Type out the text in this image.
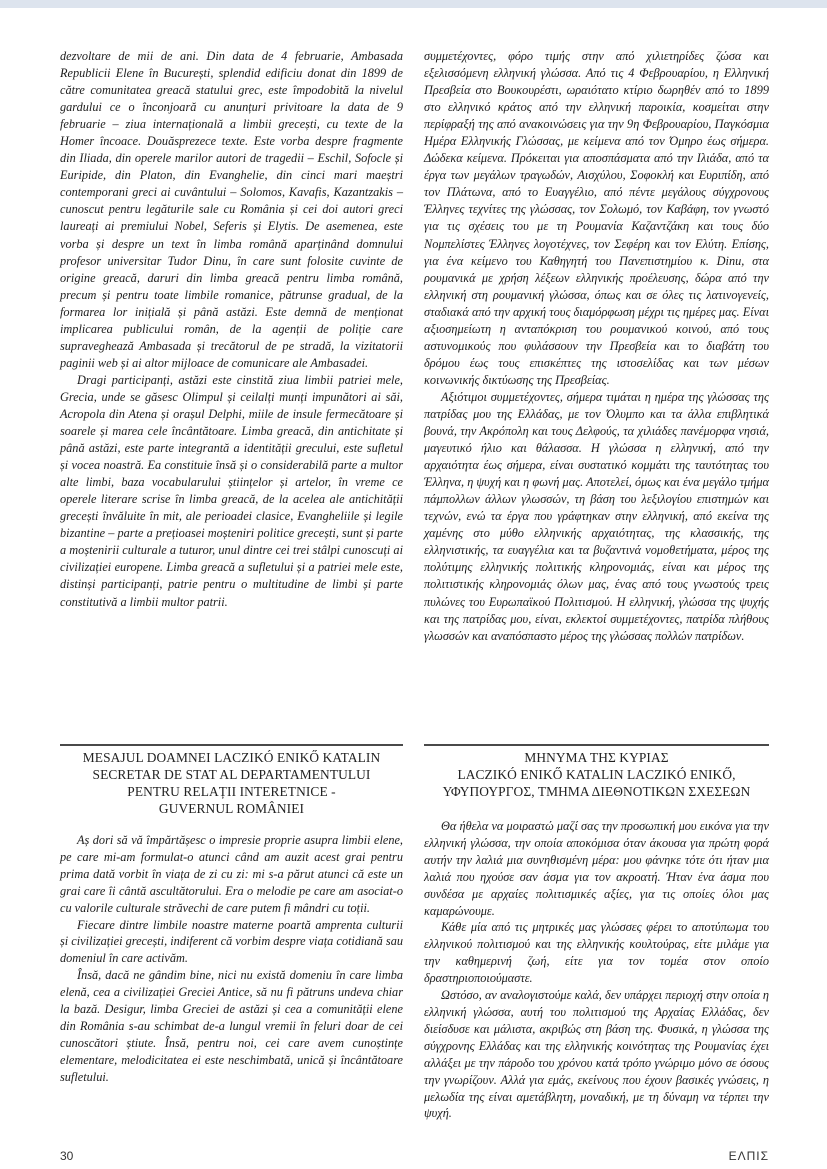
dezvoltare de mii de ani. Din data de 4 februarie, Ambasada Republicii Elene în București, splendid edificiu donat din 1899 de către comunitatea greacă statului grec, este împodobită la nivelul gardului ce o înconjoară cu anunțuri privitoare la data de 9 februarie – ziua internațională a limbii grecești, cu texte de la Homer încoace. Douăsprezece texte. Este vorba despre fragmente din Iliada, din operele marilor autori de tragedii – Eschil, Sofocle și Euripide, din Platon, din Evanghelie, din cinci mari maeștri contemporani greci ai cuvântului – Solomos, Kavafis, Kazantzakis – cunoscut pentru legăturile sale cu România și cei doi autori greci laureați ai premiului Nobel, Seferis și Elytis. De asemenea, este vorba și despre un text în limba română aparținând domnului profesor universitar Tudor Dinu, în care sunt folosite cuvinte de origine greacă, daruri din limba greacă pentru limba română, precum și pentru toate limbile romanice, pătrunse gradual, de la formarea lor inițială și până astăzi. Este demnă de menționat implicarea publicului român, de la agenții de poliție care supraveghează Ambasada și trecătorul de pe stradă, la vizitatorii paginii web și ai altor mijloace de comunicare ale Ambasadei.

Dragi participanți, astăzi este cinstită ziua limbii patriei mele, Grecia, unde se găsesc Olimpul și ceilalți munți impunători ai săi, Acropola din Atena și orașul Delphi, miile de insule fermecătoare și soarele și marea cele încântătoare. Limba greacă, din antichitate și până astăzi, este parte integrantă a identității grecului, este sufletul și vocea noastră. Ea constituie însă și o considerabilă parte a multor alte limbi, baza vocabularului științelor și artelor, în vreme ce operele literare scrise în limba greacă, de la acelea ale antichității grecești învăluite în mit, ale perioadei clasice, Evangheliile și legile bizantine – parte a prețioasei moșteniri politice grecești, sunt și parte a moștenirii culturale a tuturor, unul dintre cei trei stâlpi cunoscuți ai civilizației europene. Limba greacă a sufletului și a patriei mele este, distinși participanți, patrie pentru o multitudine de limbi și parte constitutivă a limbii multor patrii.

συμμετέχοντες, φόρο τιμής στην από χιλιετηρίδες ζώσα και εξελισσόμενη ελληνική γλώσσα. Από τις 4 Φεβρουαρίου, η Ελληνική Πρεσβεία στο Βουκουρέστι, ωραιότατο κτίριο δωρηθέν από το 1899 στο ελληνικό κράτος από την ελληνική παροικία, κοσμείται στην περίφραξή της από ανακοινώσεις για την 9η Φεβρουαρίου, Παγκόσμια Ημέρα Ελληνικής Γλώσσας, με κείμενα από τον Όμηρο έως σήμερα. Δώδεκα κείμενα. Πρόκειται για αποσπάσματα από την Ιλιάδα, από τα έργα των μεγάλων τραγωδών, Αισχύλου, Σοφοκλή και Ευριπίδη, από τον Πλάτωνα, από το Ευαγγέλιο, από πέντε μεγάλους σύγχρονους Έλληνες τεχνίτες της γλώσσας, τον Σολωμό, τον Καβάφη, τον γνωστό για τις σχέσεις του με τη Ρουμανία Καζαντζάκη και τους δύο Νομπελίστες Έλληνες λογοτέχνες, τον Σεφέρη και τον Ελύτη. Επίσης, για ένα κείμενο του Καθηγητή του Πανεπιστημίου κ. Dinu, στα ρουμανικά με χρήση λέξεων ελληνικής προέλευσης, δώρα από την ελληνική στη ρουμανική γλώσσα, όπως και σε όλες τις λατινογενείς, σταδιακά από την αρχική τους διαμόρφωση μέχρι τις ημέρες μας. Είναι αξιοσημείωτη η ανταπόκριση του ρουμανικού κοινού, από τους αστυνομικούς που φυλάσσουν την Πρεσβεία και το διαβάτη του δρόμου έως τους επισκέπτες της ιστοσελίδας και των μέσων κοινωνικής δικτύωσης της Πρεσβείας.

Αξιότιμοι συμμετέχοντες, σήμερα τιμάται η ημέρα της γλώσσας της πατρίδας μου της Ελλάδας, με τον Όλυμπο και τα άλλα επιβλητικά βουνά, την Ακρόπολη και τους Δελφούς, τα χιλιάδες πανέμορφα νησιά, μαγευτικό ήλιο και θάλασσα. Η γλώσσα η ελληνική, από την αρχαιότητα έως σήμερα, είναι συστατικό κομμάτι της ταυτότητας του Έλληνα, η ψυχή και η φωνή μας. Αποτελεί, όμως και ένα μεγάλο τμήμα πάμπολλων άλλων γλωσσών, τη βάση του λεξιλογίου επιστημών και τεχνών, ενώ τα έργα που γράφτηκαν στην ελληνική, από εκείνα της χαμένης στο μύθο ελληνικής αρχαιότητας, της κλασσικής, της ελληνιστικής, τα ευαγγέλια και τα βυζαντινά νομοθετήματα, μέρος της πολύτιμης ελληνικής πολιτικής κληρονομιάς, είναι και μέρος της πολιτιστικής κληρονομιάς όλων μας, ένας από τους γνωστούς τρεις πυλώνες του Ευρωπαϊκού Πολιτισμού. Η ελληνική, γλώσσα της ψυχής και της πατρίδας μου, είναι, εκλεκτοί συμμετέχοντες, πατρίδα πλήθους γλωσσών και αναπόσπαστο μέρος της γλώσσας πολλών πατρίδων.

MESAJUL DOAMNEI LACZIKÓ ENIKŐ KATALIN
SECRETAR DE STAT AL DEPARTAMENTULUI
PENTRU RELAȚII INTERETNICE -
GUVERNUL ROMÂNIEI
ΜΗΝΥΜΑ ΤΗΣ ΚΥΡΙΑΣ
LACZIKÓ ENIKŐ KATALIN LACZIKÓ ENIKŐ,
ΥΦΥΠΟΥΡΓΟΣ, ΤΜΗΜΑ ΔΙΕΘΝΟΤΙΚΩΝ ΣΧΕΣΕΩΝ

Aș dori să vă împărtășesc o impresie proprie asupra limbii elene, pe care mi-am formulat-o atunci când am auzit acest grai pentru prima dată vorbit în viața de zi cu zi: mi s-a părut atunci că este un grai care îi cântă ascultătorului. Era o melodie pe care am asociat-o cu valorile culturale străvechi de care putem fi mândri cu toții.

Fiecare dintre limbile noastre materne poartă amprenta culturii și civilizației grecești, indiferent că vorbim despre viața cotidiană sau domeniul în care activăm.

Însă, dacă ne gândim bine, nici nu există domeniu în care limba elenă, cea a civilizației Greciei Antice, să nu fi pătruns undeva chiar la bază. Desigur, limba Greciei de astăzi și cea a comunității elene din România s-au schimbat de-a lungul vremii în feluri doar de cei cunoscători știute. Însă, pentru noi, cei care avem cunoștințe elementare, melodicitatea ei este neschimbată, unică și încântătoare sufletului.

Θα ήθελα να μοιραστώ μαζί σας την προσωπική μου εικόνα για την ελληνική γλώσσα, την οποία αποκόμισα όταν άκουσα για πρώτη φορά αυτήν την λαλιά μια συνηθισμένη μέρα: μου φάνηκε τότε ότι ήταν μια λαλιά που ηχούσε σαν άσμα για τον ακροατή. Ήταν ένα άσμα που συνδέσα με αρχαίες πολιτισμικές αξίες, για τις οποίες όλοι μας καμαρώνουμε.

Κάθε μία από τις μητρικές μας γλώσσες φέρει το αποτύπωμα του ελληνικού πολιτισμού και της ελληνικής κουλτούρας, είτε μιλάμε για την καθημερινή ζωή, είτε για τον τομέα στον οποίο δραστηριοποιούμαστε.

Ωστόσο, αν αναλογιστούμε καλά, δεν υπάρχει περιοχή στην οποία η ελληνική γλώσσα, αυτή του πολιτισμού της Αρχαίας Ελλάδας, δεν διείσδυσε και μάλιστα, ακριβώς στη βάση της. Φυσικά, η γλώσσα της σύγχρονης Ελλάδας και της ελληνικής κοινότητας της Ρουμανίας έχει αλλάξει με την πάροδο του χρόνου κατά τρόπο γνώριμο μόνο σε όσους την γνωρίζουν. Αλλά για εμάς, εκείνους που έχουν βασικές γνώσεις, η μελωδία της είναι αμετάβλητη, μοναδική, με τη δύναμη να τέρπει την ψυχή.

30	ΕΛΠΙΣ
